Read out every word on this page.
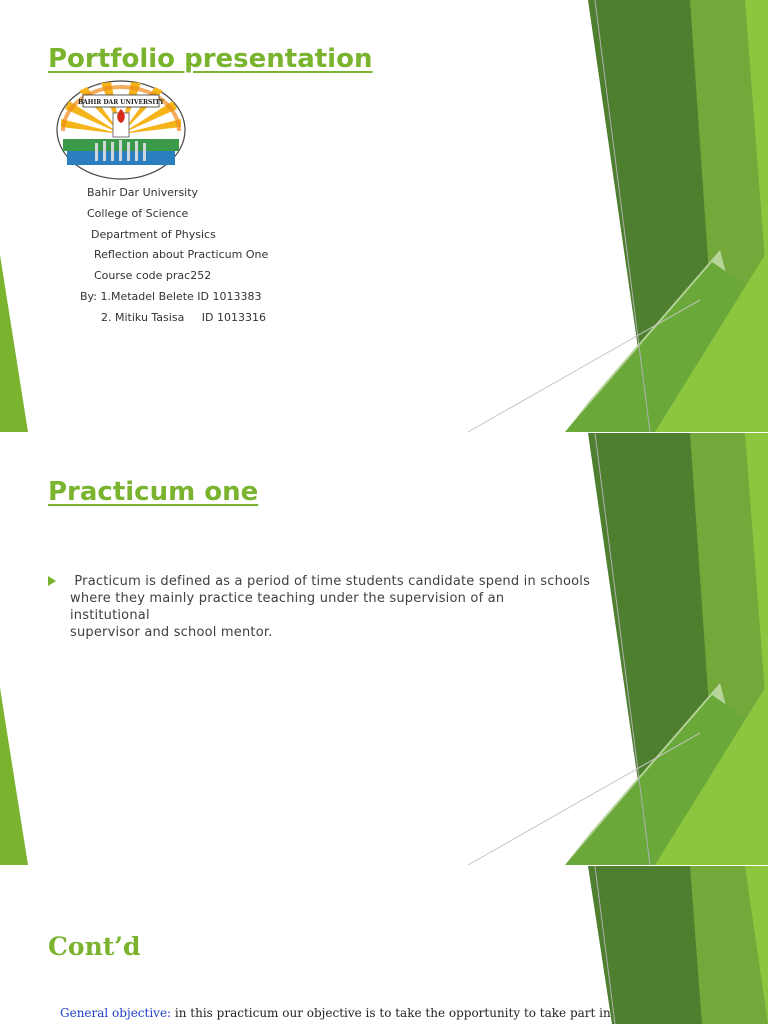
Portfolio presentation
BAHIR DAR UNIVERSITY
Bahir Dar University
College of Science
Department of Physics
Reflection about Practicum One
Course code prac252
By: 1.Metadel Belete ID 1013383
2. Mitiku Tasisa     ID 1013316
Practicum one
Practicum is defined as a period of time students candidate spend in schools
where they mainly practice teaching under the supervision of an institutional
supervisor and school mentor.
Cont’d
General objective: in this practicum our objective is to take the opportunity to take part in
